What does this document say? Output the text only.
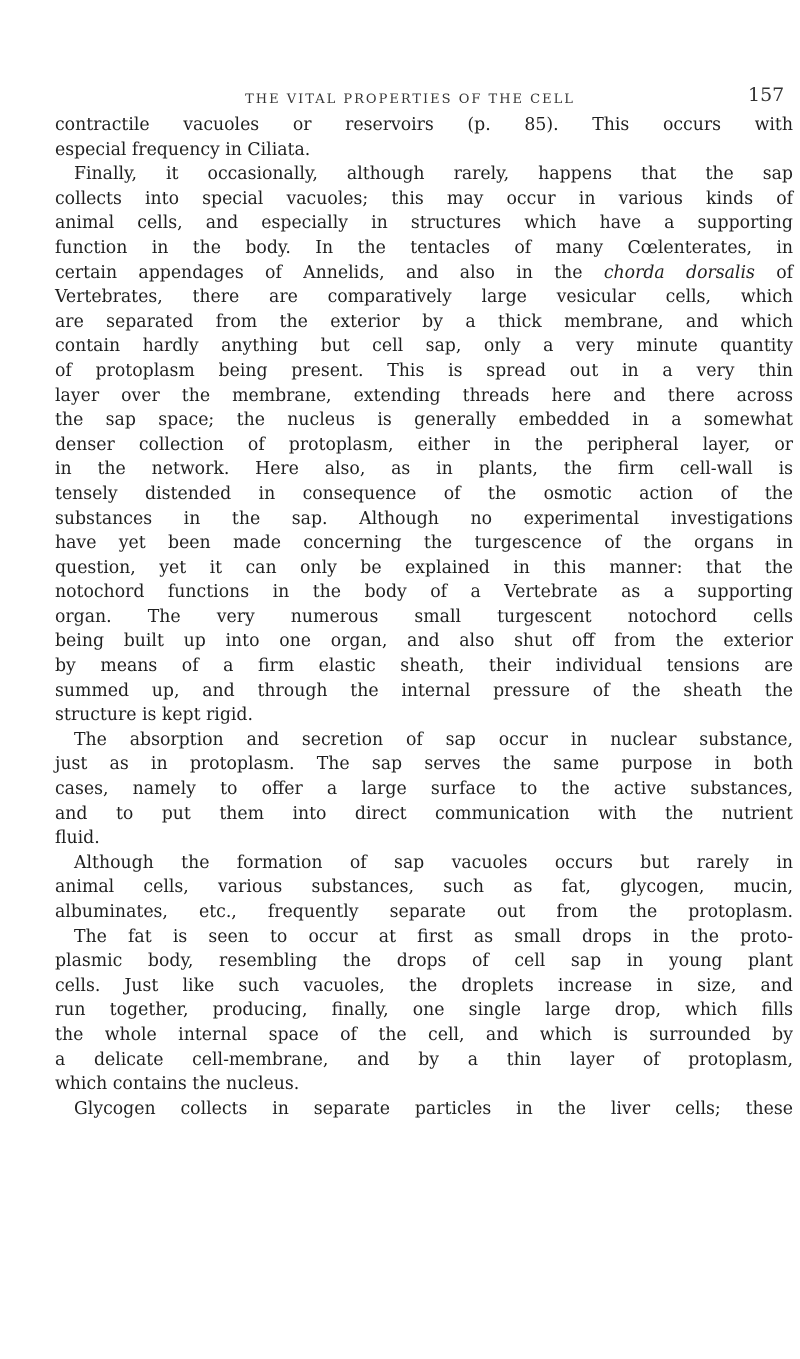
THE VITAL PROPERTIES OF THE CELL	157
contractile vacuoles or reservoirs (p. 85). This occurs with
especial frequency in Ciliata.
Finally, it occasionally, although rarely, happens that the sap
collects into special vacuoles; this may occur in various kinds of
animal cells, and especially in structures which have a supporting
function in the body. In the tentacles of many Cœlenterates, in
certain appendages of Annelids, and also in the chorda dorsalis of
Vertebrates, there are comparatively large vesicular cells, which
are separated from the exterior by a thick membrane, and which
contain hardly anything but cell sap, only a very minute quantity
of protoplasm being present. This is spread out in a very thin
layer over the membrane, extending threads here and there across
the sap space; the nucleus is generally embedded in a somewhat
denser collection of protoplasm, either in the peripheral layer, or
in the network. Here also, as in plants, the firm cell-wall is
tensely distended in consequence of the osmotic action of the
substances in the sap. Although no experimental investigations
have yet been made concerning the turgescence of the organs in
question, yet it can only be explained in this manner: that the
notochord functions in the body of a Vertebrate as a supporting
organ. The very numerous small turgescent notochord cells
being built up into one organ, and also shut off from the exterior
by means of a firm elastic sheath, their individual tensions are
summed up, and through the internal pressure of the sheath the
structure is kept rigid.
The absorption and secretion of sap occur in nuclear substance,
just as in protoplasm. The sap serves the same purpose in both
cases, namely to offer a large surface to the active substances,
and to put them into direct communication with the nutrient
fluid.
Although the formation of sap vacuoles occurs but rarely in
animal cells, various substances, such as fat, glycogen, mucin,
albuminates, etc., frequently separate out from the protoplasm.
The fat is seen to occur at first as small drops in the proto-
plasmic body, resembling the drops of cell sap in young plant
cells. Just like such vacuoles, the droplets increase in size, and
run together, producing, finally, one single large drop, which fills
the whole internal space of the cell, and which is surrounded by
a delicate cell-membrane, and by a thin layer of protoplasm,
which contains the nucleus.
Glycogen collects in separate particles in the liver cells; these
